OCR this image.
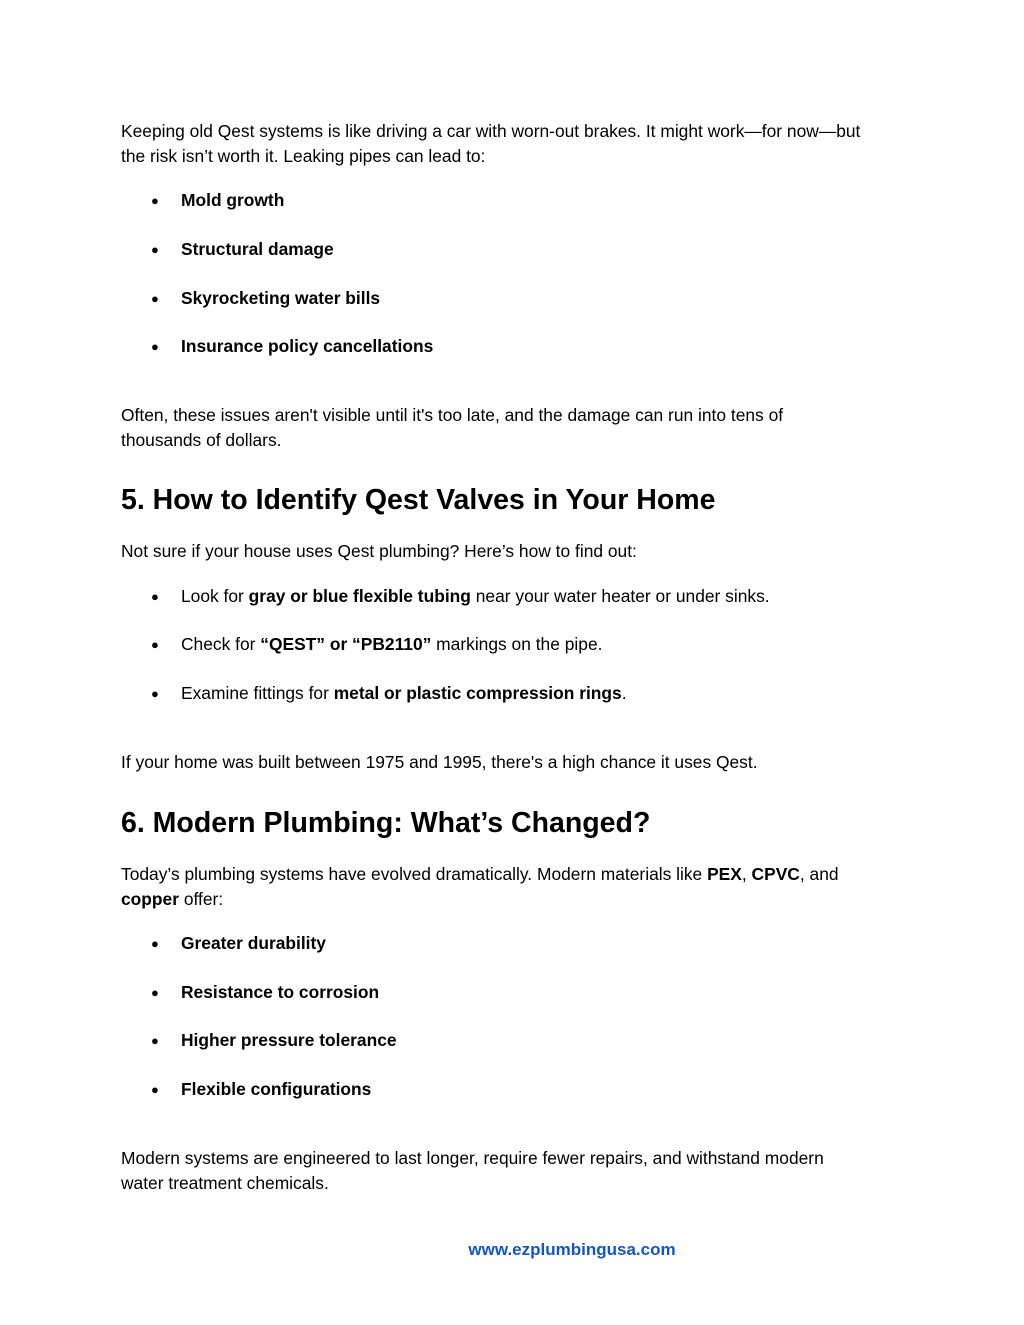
Keeping old Qest systems is like driving a car with worn-out brakes. It might work—for now—but
the risk isn’t worth it. Leaking pipes can lead to:

● Mold growth

● Structural damage

● Skyrocketing water bills

● Insurance policy cancellations

Often, these issues aren't visible until it's too late, and the damage can run into tens of
thousands of dollars.

5. How to Identify Qest Valves in Your Home

Not sure if your house uses Qest plumbing? Here’s how to find out:

● Look for gray or blue flexible tubing near your water heater or under sinks.

● Check for “QEST” or “PB2110” markings on the pipe.

● Examine fittings for metal or plastic compression rings.

If your home was built between 1975 and 1995, there's a high chance it uses Qest.

6. Modern Plumbing: What’s Changed?

Today’s plumbing systems have evolved dramatically. Modern materials like PEX, CPVC, and
copper offer:

● Greater durability

● Resistance to corrosion

● Higher pressure tolerance

● Flexible configurations

Modern systems are engineered to last longer, require fewer repairs, and withstand modern
water treatment chemicals.

www.ezplumbingusa.com
